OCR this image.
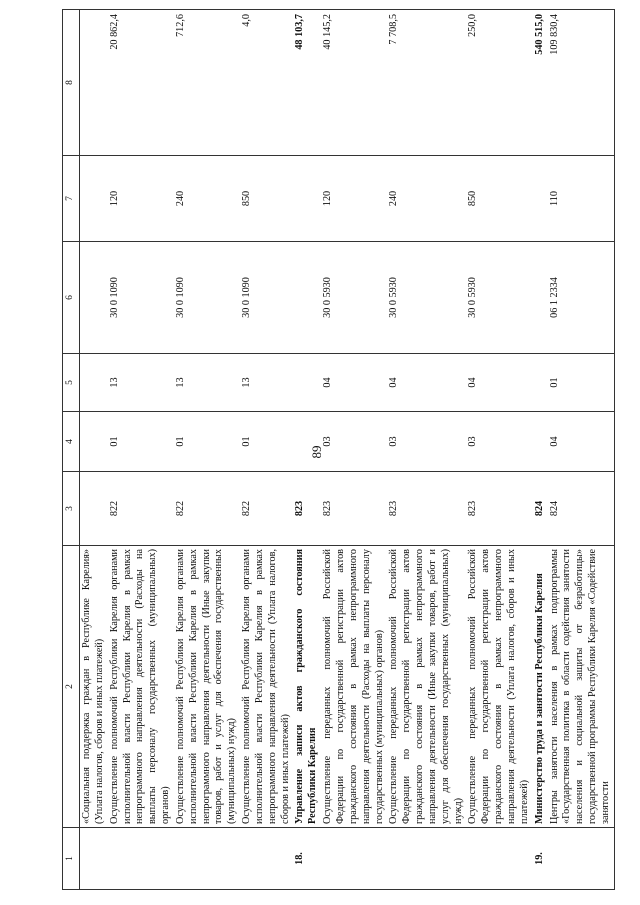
89
1	2	3	4	5	6	7	8
	«Социальная поддержка граждан в Республике Карелия» (Уплата налогов, сборов и иных платежей)						
	Осуществление полномочий Республики Карелия органами исполнительной власти Республики Карелия в рамках непрограммного направления деятельности (Расходы на выплаты персоналу государственных (муниципальных) органов)	822	01	13	30 0 1090	120	20 862,4
	Осуществление полномочий Республики Карелия органами исполнительной власти Республики Карелия в рамках непрограммного направления деятельности (Иные закупки товаров, работ и услуг для обеспечения государственных (муниципальных) нужд)	822	01	13	30 0 1090	240	712,6
	Осуществление полномочий Республики Карелия органами исполнительной власти Республики Карелия в рамках непрограммного направления деятельности (Уплата налогов, сборов и иных платежей)	822	01	13	30 0 1090	850	4,0
18.	Управление записи актов гражданского состояния Республики Карелия	823					48 103,7
	Осуществление переданных полномочий Российской Федерации по государственной регистрации актов гражданского состояния в рамках непрограммного направления деятельности (Расходы на выплаты персоналу государственных (муниципальных) органов)	823	03	04	30 0 5930	120	40 145,2
	Осуществление переданных полномочий Российской Федерации по государственной регистрации актов гражданского состояния в рамках непрограммного направления деятельности (Иные закупки товаров, работ и услуг для обеспечения государственных (муниципальных) нужд)	823	03	04	30 0 5930	240	7 708,5
	Осуществление переданных полномочий Российской Федерации по государственной регистрации актов гражданского состояния в рамках непрограммного направления деятельности (Уплата налогов, сборов и иных платежей)	823	03	04	30 0 5930	850	250,0
19.	Министерство труда и занятости Республики Карелия	824					540 515,0
	Центры занятости населения в рамках подпрограммы «Государственная политика в области содействия занятости населения и социальной защиты от безработицы» государственной программы Республики Карелия «Содействие занятости	824	04	01	06 1 2334	110	109 830,4
